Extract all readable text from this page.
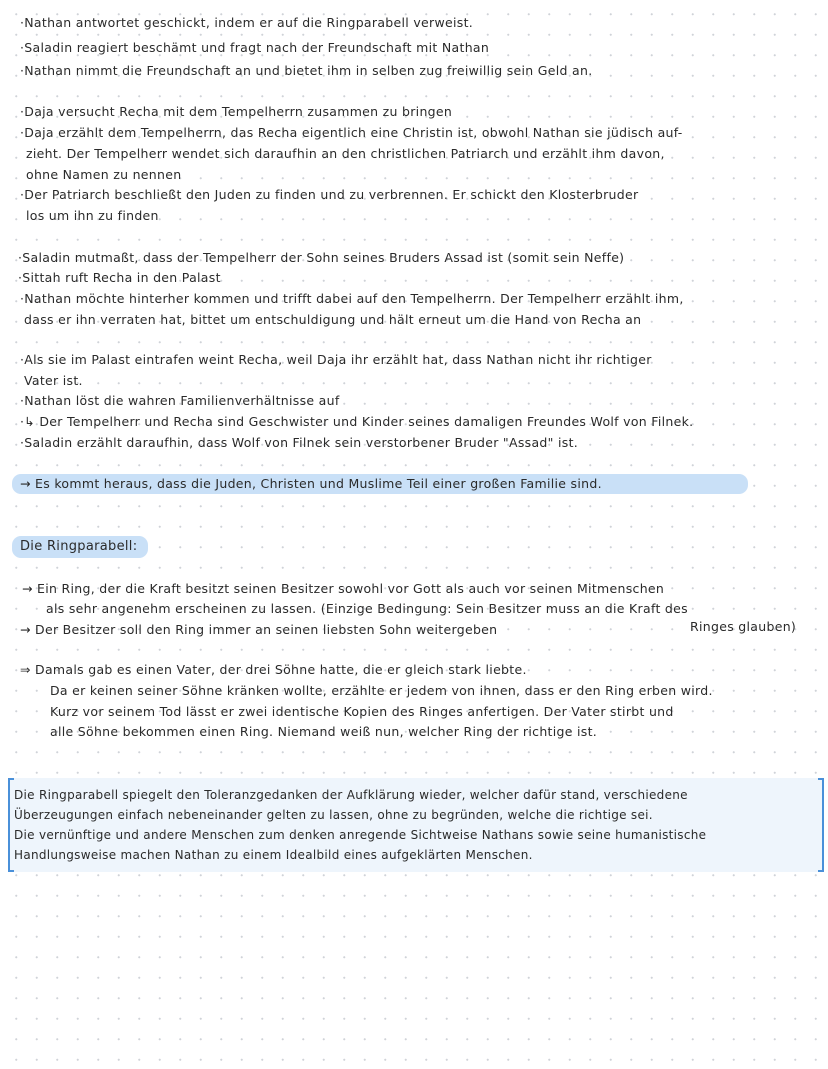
·Nathan antwortet geschickt, indem er auf die Ringparabell verweist.
·Saladin reagiert beschämt und fragt nach der Freundschaft mit Nathan
·Nathan nimmt die Freundschaft an und bietet ihm in selben zug freiwillig sein Geld an.
·Daja versucht Recha mit dem Tempelherrn zusammen zu bringen
·Daja erzählt dem Tempelherrn, das Recha eigentlich eine Christin ist, obwohl Nathan sie jüdisch auf-
zieht. Der Tempelherr wendet sich daraufhin an den christlichen Patriarch und erzählt ihm davon,
ohne Namen zu nennen
·Der Patriarch beschließt den Juden zu finden und zu verbrennen. Er schickt den Klosterbruder
los um ihn zu finden
·Saladin mutmaßt, dass der Tempelherr der Sohn seines Bruders Assad ist (somit sein Neffe)
·Sittah ruft Recha in den Palast
·Nathan möchte hinterher kommen und trifft dabei auf den Tempelherrn. Der Tempelherr erzählt ihm,
dass er ihn verraten hat, bittet um entschuldigung und hält erneut um die Hand von Recha an
·Als sie im Palast eintrafen weint Recha, weil Daja ihr erzählt hat, dass Nathan nicht ihr richtiger
Vater ist.
·Nathan löst die wahren Familienverhältnisse auf
·↳ Der Tempelherr und Recha sind Geschwister und Kinder seines damaligen Freundes Wolf von Filnek.
·Saladin erzählt daraufhin, dass Wolf von Filnek sein verstorbener Bruder "Assad" ist.
→ Es kommt heraus, dass die Juden, Christen und Muslime Teil einer großen Familie sind.
Die Ringparabell:
→ Ein Ring, der die Kraft besitzt seinen Besitzer sowohl vor Gott als auch vor seinen Mitmenschen
als sehr angenehm erscheinen zu lassen. (Einzige Bedingung: Sein Besitzer muss an die Kraft des
→ Der Besitzer soll den Ring immer an seinen liebsten Sohn weitergeben	Ringes glauben)
⇒ Damals gab es einen Vater, der drei Söhne hatte, die er gleich stark liebte.
Da er keinen seiner Söhne kränken wollte, erzählte er jedem von ihnen, dass er den Ring erben wird.
Kurz vor seinem Tod lässt er zwei identische Kopien des Ringes anfertigen. Der Vater stirbt und
alle Söhne bekommen einen Ring. Niemand weiß nun, welcher Ring der richtige ist.
Die Ringparabell spiegelt den Toleranzgedanken der Aufklärung wieder, welcher dafür stand, verschiedene
Überzeugungen einfach nebeneinander gelten zu lassen, ohne zu begründen, welche die richtige sei.
Die vernünftige und andere Menschen zum denken anregende Sichtweise Nathans sowie seine humanistische
Handlungsweise machen Nathan zu einem Idealbild eines aufgeklärten Menschen.
